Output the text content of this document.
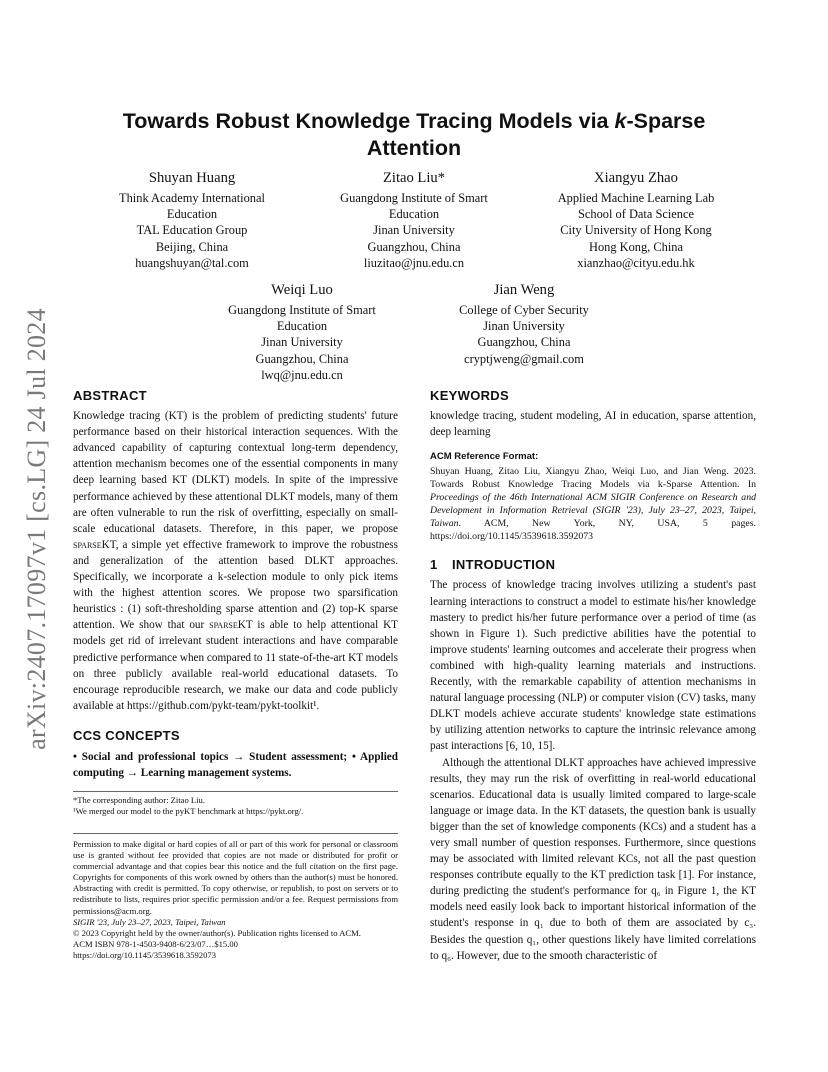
arXiv:2407.17097v1 [cs.LG] 24 Jul 2024
Towards Robust Knowledge Tracing Models via k-Sparse Attention
Shuyan Huang
Think Academy International Education
TAL Education Group
Beijing, China
huangshuyan@tal.com
Zitao Liu*
Guangdong Institute of Smart Education
Jinan University
Guangzhou, China
liuzitao@jnu.edu.cn
Xiangyu Zhao
Applied Machine Learning Lab
School of Data Science
City University of Hong Kong
Hong Kong, China
xianzhao@cityu.edu.hk
Weiqi Luo
Guangdong Institute of Smart Education
Jinan University
Guangzhou, China
lwq@jnu.edu.cn
Jian Weng
College of Cyber Security
Jinan University
Guangzhou, China
cryptjweng@gmail.com
ABSTRACT

Knowledge tracing (KT) is the problem of predicting students' future performance based on their historical interaction sequences. With the advanced capability of capturing contextual long-term dependency, attention mechanism becomes one of the essential components in many deep learning based KT (DLKT) models. In spite of the impressive performance achieved by these attentional DLKT models, many of them are often vulnerable to run the risk of overfitting, especially on small-scale educational datasets. Therefore, in this paper, we propose sparseKT, a simple yet effective framework to improve the robustness and generalization of the attention based DLKT approaches. Specifically, we incorporate a k-selection module to only pick items with the highest attention scores. We propose two sparsification heuristics : (1) soft-thresholding sparse attention and (2) top-K sparse attention. We show that our sparseKT is able to help attentional KT models get rid of irrelevant student interactions and have comparable predictive performance when compared to 11 state-of-the-art KT models on three publicly available real-world educational datasets. To encourage reproducible research, we make our data and code publicly available at https://github.com/pykt-team/pykt-toolkit¹.

CCS CONCEPTS

• Social and professional topics → Student assessment; • Applied computing → Learning management systems.

*The corresponding author: Zitao Liu.
¹We merged our model to the pyKT benchmark at https://pykt.org/.

Permission to make digital or hard copies of all or part of this work for personal or classroom use is granted without fee provided that copies are not made or distributed for profit or commercial advantage and that copies bear this notice and the full citation on the first page. Copyrights for components of this work owned by others than the author(s) must be honored. Abstracting with credit is permitted. To copy otherwise, or republish, to post on servers or to redistribute to lists, requires prior specific permission and/or a fee. Request permissions from permissions@acm.org.

SIGIR '23, July 23–27, 2023, Taipei, Taiwan

© 2023 Copyright held by the owner/author(s). Publication rights licensed to ACM.

ACM ISBN 978-1-4503-9408-6/23/07…$15.00

https://doi.org/10.1145/3539618.3592073

KEYWORDS

knowledge tracing, student modeling, AI in education, sparse attention, deep learning

ACM Reference Format:

Shuyan Huang, Zitao Liu, Xiangyu Zhao, Weiqi Luo, and Jian Weng. 2023. Towards Robust Knowledge Tracing Models via k-Sparse Attention. In Proceedings of the 46th International ACM SIGIR Conference on Research and Development in Information Retrieval (SIGIR '23), July 23–27, 2023, Taipei, Taiwan. ACM, New York, NY, USA, 5 pages. https://doi.org/10.1145/3539618.3592073

1 INTRODUCTION

The process of knowledge tracing involves utilizing a student's past learning interactions to construct a model to estimate his/her knowledge mastery to predict his/her future performance over a period of time (as shown in Figure 1). Such predictive abilities have the potential to improve students' learning outcomes and accelerate their progress when combined with high-quality learning materials and instructions. Recently, with the remarkable capability of attention mechanisms in natural language processing (NLP) or computer vision (CV) tasks, many DLKT models achieve accurate students' knowledge state estimations by utilizing attention networks to capture the intrinsic relevance among past interactions [6, 10, 15].

Although the attentional DLKT approaches have achieved impressive results, they may run the risk of overfitting in real-world educational scenarios. Educational data is usually limited compared to large-scale language or image data. In the KT datasets, the question bank is usually bigger than the set of knowledge components (KCs) and a student has a very small number of question responses. Furthermore, since questions may be associated with limited relevant KCs, not all the past question responses contribute equally to the KT prediction task [1]. For instance, during predicting the student's performance for q₆ in Figure 1, the KT models need easily look back to important historical information of the student's response in q₁ due to both of them are associated by c₃. Besides the question q₁, other questions likely have limited correlations to q₆. However, due to the smooth characteristic of
